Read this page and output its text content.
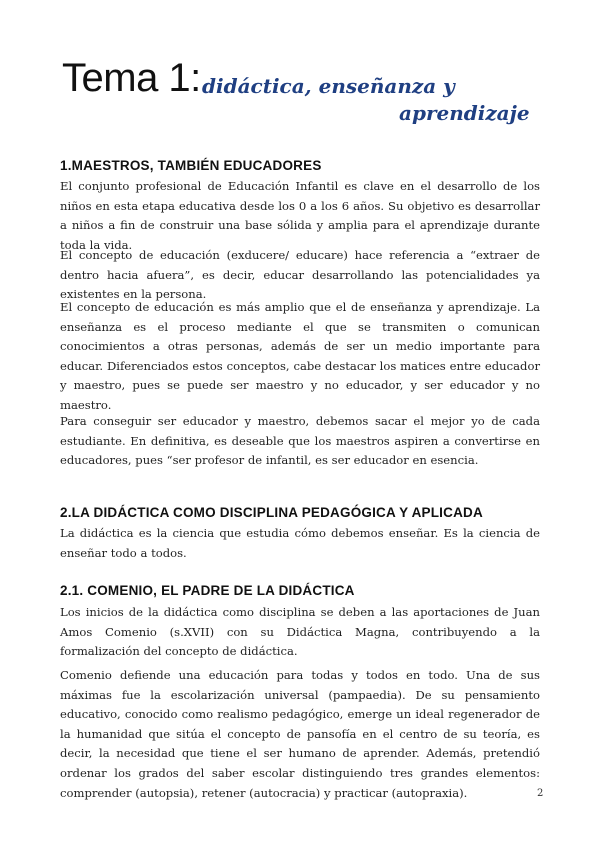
Tema 1: didáctica, enseñanza y
aprendizaje
1.MAESTROS, TAMBIÉN EDUCADORES

El conjunto profesional de Educación Infantil es clave en el desarrollo de los niños en esta etapa educativa desde los 0 a los 6 años. Su objetivo es desarrollar a niños a fin de construir una base sólida y amplia para el aprendizaje durante toda la vida.

El concepto de educación (exducere/ educare) hace referencia a “extraer de dentro hacia afuera”, es decir, educar desarrollando las potencialidades ya existentes en la persona.

El concepto de educación es más amplio que el de enseñanza y aprendizaje. La enseñanza es el proceso mediante el que se transmiten o comunican conocimientos a otras personas, además de ser un medio importante para educar. Diferenciados estos conceptos, cabe destacar los matices entre educador y maestro, pues se puede ser maestro y no educador, y ser educador y no maestro.

Para conseguir ser educador y maestro, debemos sacar el mejor yo de cada estudiante. En definitiva, es deseable que los maestros aspiren a convertirse en educadores, pues “ser profesor de infantil, es ser educador en esencia.

2.LA DIDÁCTICA COMO DISCIPLINA PEDAGÓGICA Y APLICADA

La didáctica es la ciencia que estudia cómo debemos enseñar. Es la ciencia de enseñar todo a todos.

2.1. COMENIO, EL PADRE DE LA DIDÁCTICA

Los inicios de la didáctica como disciplina se deben a las aportaciones de Juan Amos Comenio (s.XVII) con su Didáctica Magna, contribuyendo a la formalización del concepto de didáctica.

Comenio defiende una educación para todas y todos en todo. Una de sus máximas fue la escolarización universal (pampaedia). De su pensamiento educativo, conocido como realismo pedagógico, emerge un ideal regenerador de la humanidad que sitúa el concepto de pansofía en el centro de su teoría, es decir, la necesidad que tiene el ser humano de aprender. Además, pretendió ordenar los grados del saber escolar distinguiendo tres grandes elementos: comprender (autopsia), retener (autocracia) y practicar (autopraxia).	2
